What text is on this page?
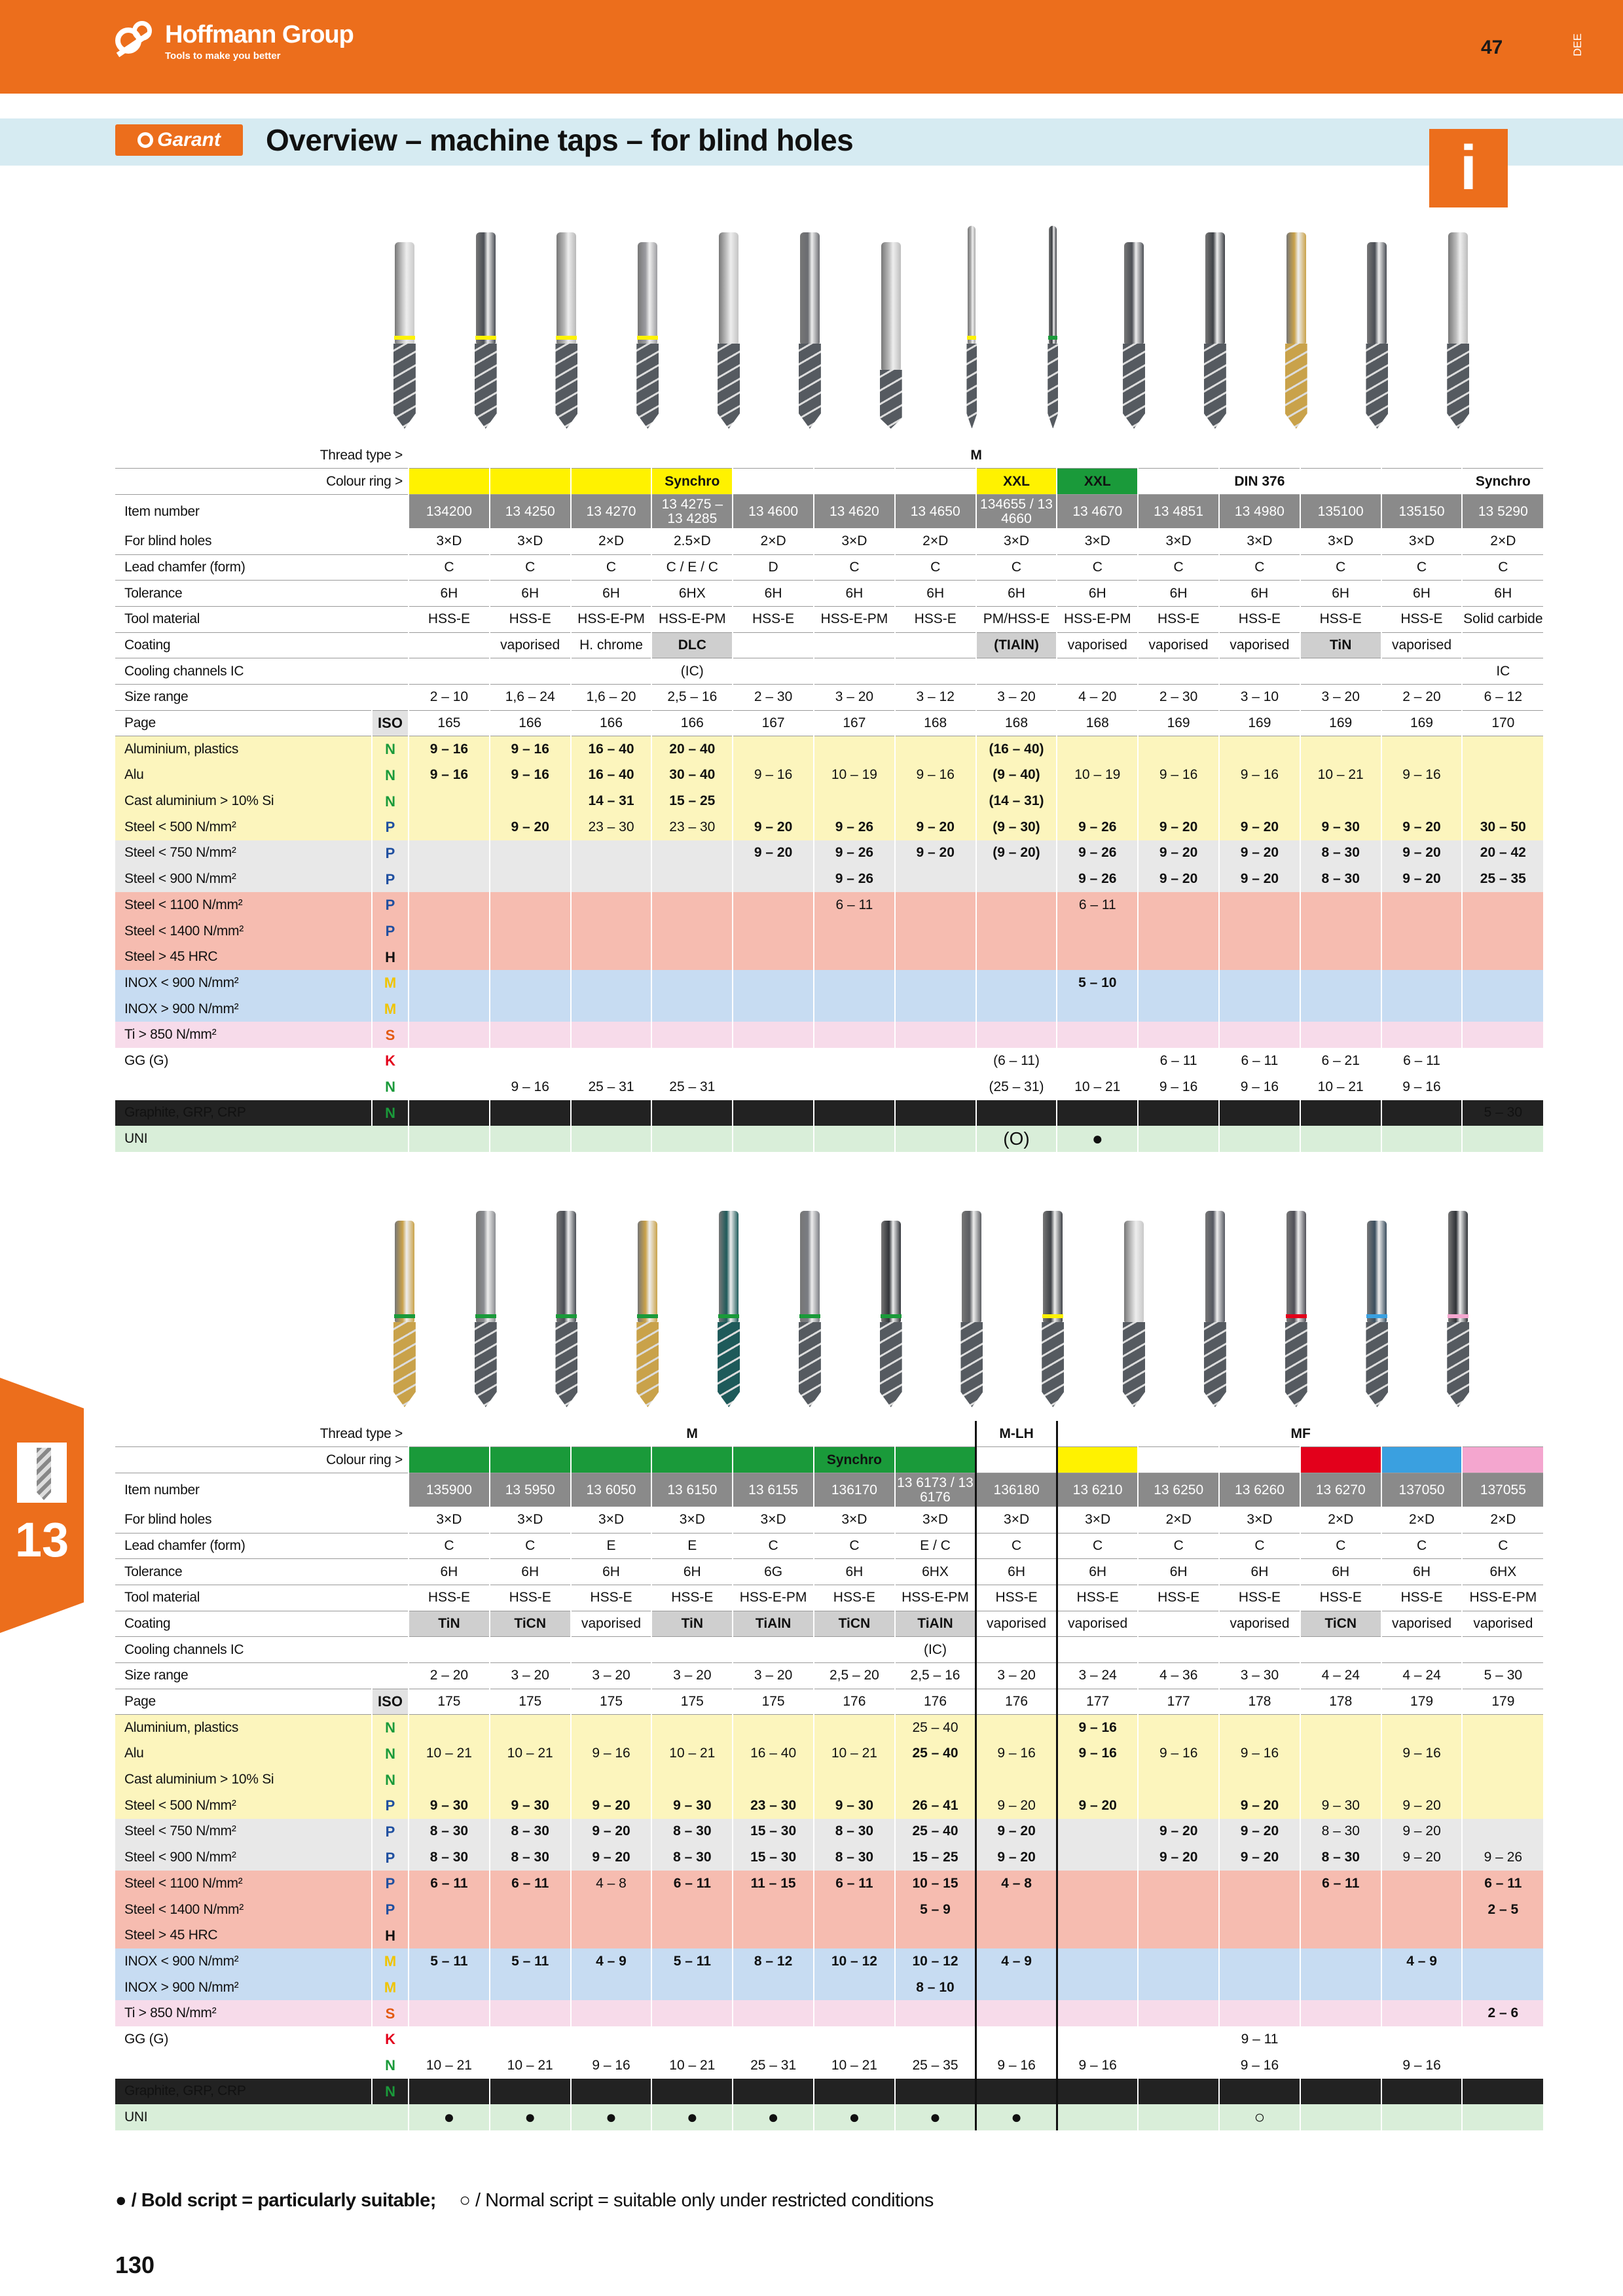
Hoffmann Group
Tools to make you better	47	DEE
Garant Overview – machine taps – for blind holes	i
13
Thread type >		M													
Colour ring >					Synchro				XXL	XXL		DIN 376			Synchro
Item number		134200	13 4250	13 4270	13 4275 – 13 4285	13 4600	13 4620	13 4650	134655 / 13 4660	13 4670	13 4851	13 4980	135100	135150	13 5290
For blind holes		3×D	3×D	2×D	2.5×D	2×D	3×D	2×D	3×D	3×D	3×D	3×D	3×D	3×D	2×D
Lead chamfer (form)		C	C	C	C / E / C	D	C	C	C	C	C	C	C	C	C
Tolerance		6H	6H	6H	6HX	6H	6H	6H	6H	6H	6H	6H	6H	6H	6H
Tool material		HSS-E	HSS-E	HSS-E-PM	HSS-E-PM	HSS-E	HSS-E-PM	HSS-E	PM/HSS-E	HSS-E-PM	HSS-E	HSS-E	HSS-E	HSS-E	Solid carbide
Coating			vaporised	H. chrome	DLC				(TIAlN)	vaporised	vaporised	vaporised	TiN	vaporised	
Cooling channels IC					(IC)										IC
Size range		2 – 10	1,6 – 24	1,6 – 20	2,5 – 16	2 – 30	3 – 20	3 – 12	3 – 20	4 – 20	2 – 30	3 – 10	3 – 20	2 – 20	6 – 12
Page	ISO	165	166	166	166	167	167	168	168	168	169	169	169	169	170
Aluminium, plastics	N	9 – 16	9 – 16	16 – 40	20 – 40				(16 – 40)						
Alu	N	9 – 16	9 – 16	16 – 40	30 – 40	9 – 16	10 – 19	9 – 16	(9 – 40)	10 – 19	9 – 16	9 – 16	10 – 21	9 – 16	
Cast aluminium > 10% Si	N			14 – 31	15 – 25				(14 – 31)						
Steel < 500 N/mm²	P		9 – 20	23 – 30	23 – 30	9 – 20	9 – 26	9 – 20	(9 – 30)	9 – 26	9 – 20	9 – 20	9 – 30	9 – 20	30 – 50
Steel < 750 N/mm²	P					9 – 20	9 – 26	9 – 20	(9 – 20)	9 – 26	9 – 20	9 – 20	8 – 30	9 – 20	20 – 42
Steel < 900 N/mm²	P						9 – 26			9 – 26	9 – 20	9 – 20	8 – 30	9 – 20	25 – 35
Steel < 1100 N/mm²	P						6 – 11			6 – 11					
Steel < 1400 N/mm²	P														
Steel > 45 HRC	H														
INOX < 900 N/mm²	M									5 – 10					
INOX > 900 N/mm²	M														
Ti > 850 N/mm²	S														
GG (G)	K								(6 – 11)		6 – 11	6 – 11	6 – 21	6 – 11	
CuZn	N		9 – 16	25 – 31	25 – 31				(25 – 31)	10 – 21	9 – 16	9 – 16	10 – 21	9 – 16	
Graphite, GRP, CRP	N														5 – 30
UNI									(O)	●					
Thread type >		M							M-LH	MF					
Colour ring >							Synchro								
Item number		135900	13 5950	13 6050	13 6150	13 6155	136170	13 6173 / 13 6176	136180	13 6210	13 6250	13 6260	13 6270	137050	137055
For blind holes		3×D	3×D	3×D	3×D	3×D	3×D	3×D	3×D	3×D	2×D	3×D	2×D	2×D	2×D
Lead chamfer (form)		C	C	E	E	C	C	E / C	C	C	C	C	C	C	C
Tolerance		6H	6H	6H	6H	6G	6H	6HX	6H	6H	6H	6H	6H	6H	6HX
Tool material		HSS-E	HSS-E	HSS-E	HSS-E	HSS-E-PM	HSS-E	HSS-E-PM	HSS-E	HSS-E	HSS-E	HSS-E	HSS-E	HSS-E	HSS-E-PM
Coating		TiN	TiCN	vaporised	TiN	TiAlN	TiCN	TiAlN	vaporised	vaporised		vaporised	TiCN	vaporised	vaporised
Cooling channels IC								(IC)							
Size range		2 – 20	3 – 20	3 – 20	3 – 20	3 – 20	2,5 – 20	2,5 – 16	3 – 20	3 – 24	4 – 36	3 – 30	4 – 24	4 – 24	5 – 30
Page	ISO	175	175	175	175	175	176	176	176	177	177	178	178	179	179
Aluminium, plastics	N							25 – 40		9 – 16					
Alu	N	10 – 21	10 – 21	9 – 16	10 – 21	16 – 40	10 – 21	25 – 40	9 – 16	9 – 16	9 – 16	9 – 16		9 – 16	
Cast aluminium > 10% Si	N														
Steel < 500 N/mm²	P	9 – 30	9 – 30	9 – 20	9 – 30	23 – 30	9 – 30	26 – 41	9 – 20	9 – 20		9 – 20	9 – 30	9 – 20	
Steel < 750 N/mm²	P	8 – 30	8 – 30	9 – 20	8 – 30	15 – 30	8 – 30	25 – 40	9 – 20		9 – 20	9 – 20	8 – 30	9 – 20	
Steel < 900 N/mm²	P	8 – 30	8 – 30	9 – 20	8 – 30	15 – 30	8 – 30	15 – 25	9 – 20		9 – 20	9 – 20	8 – 30	9 – 20	9 – 26
Steel < 1100 N/mm²	P	6 – 11	6 – 11	4 – 8	6 – 11	11 – 15	6 – 11	10 – 15	4 – 8				6 – 11		6 – 11
Steel < 1400 N/mm²	P							5 – 9							2 – 5
Steel > 45 HRC	H														
INOX < 900 N/mm²	M	5 – 11	5 – 11	4 – 9	5 – 11	8 – 12	10 – 12	10 – 12	4 – 9					4 – 9	
INOX > 900 N/mm²	M							8 – 10							
Ti > 850 N/mm²	S														2 – 6
GG (G)	K											9 – 11			
CuZn	N	10 – 21	10 – 21	9 – 16	10 – 21	25 – 31	10 – 21	25 – 35	9 – 16	9 – 16		9 – 16		9 – 16	
Graphite, GRP, CRP	N														
UNI		●	●	●	●	●	●	●	●			○			
● / Bold script = particularly suitable; ○ / Normal script = suitable only under restricted conditions
130
